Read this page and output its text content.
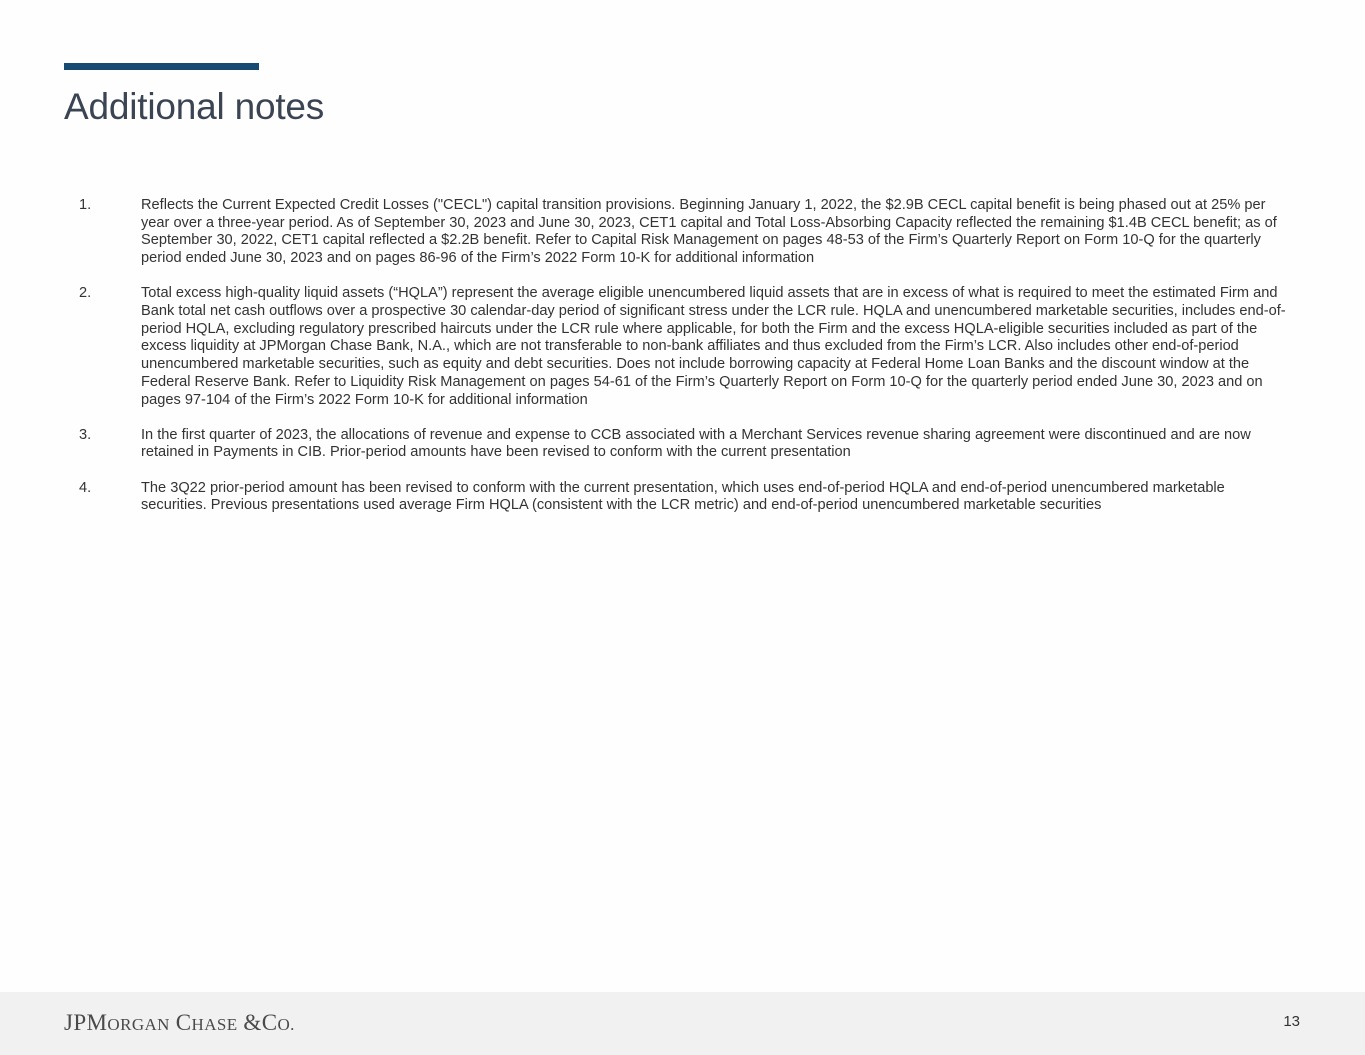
Additional notes
1.	Reflects the Current Expected Credit Losses ("CECL") capital transition provisions. Beginning January 1, 2022, the $2.9B CECL capital benefit is being phased out at 25% per year over a three-year period. As of September 30, 2023 and June 30, 2023, CET1 capital and Total Loss-Absorbing Capacity reflected the remaining $1.4B CECL benefit; as of September 30, 2022, CET1 capital reflected a $2.2B benefit. Refer to Capital Risk Management on pages 48-53 of the Firm’s Quarterly Report on Form 10-Q for the quarterly period ended June 30, 2023 and on pages 86-96 of the Firm’s 2022 Form 10-K for additional information
2.	Total excess high-quality liquid assets (“HQLA”) represent the average eligible unencumbered liquid assets that are in excess of what is required to meet the estimated Firm and Bank total net cash outflows over a prospective 30 calendar-day period of significant stress under the LCR rule. HQLA and unencumbered marketable securities, includes end-of-period HQLA, excluding regulatory prescribed haircuts under the LCR rule where applicable, for both the Firm and the excess HQLA-eligible securities included as part of the excess liquidity at JPMorgan Chase Bank, N.A., which are not transferable to non-bank affiliates and thus excluded from the Firm’s LCR. Also includes other end-of-period unencumbered marketable securities, such as equity and debt securities. Does not include borrowing capacity at Federal Home Loan Banks and the discount window at the Federal Reserve Bank. Refer to Liquidity Risk Management on pages 54-61 of the Firm’s Quarterly Report on Form 10-Q for the quarterly period ended June 30, 2023 and on pages 97-104 of the Firm’s 2022 Form 10-K for additional information
3.	In the first quarter of 2023, the allocations of revenue and expense to CCB associated with a Merchant Services revenue sharing agreement were discontinued and are now retained in Payments in CIB. Prior-period amounts have been revised to conform with the current presentation
4.	The 3Q22 prior-period amount has been revised to conform with the current presentation, which uses end-of-period HQLA and end-of-period unencumbered marketable securities. Previous presentations used average Firm HQLA (consistent with the LCR metric) and end-of-period unencumbered marketable securities
JPMORGAN CHASE &CO.	13
